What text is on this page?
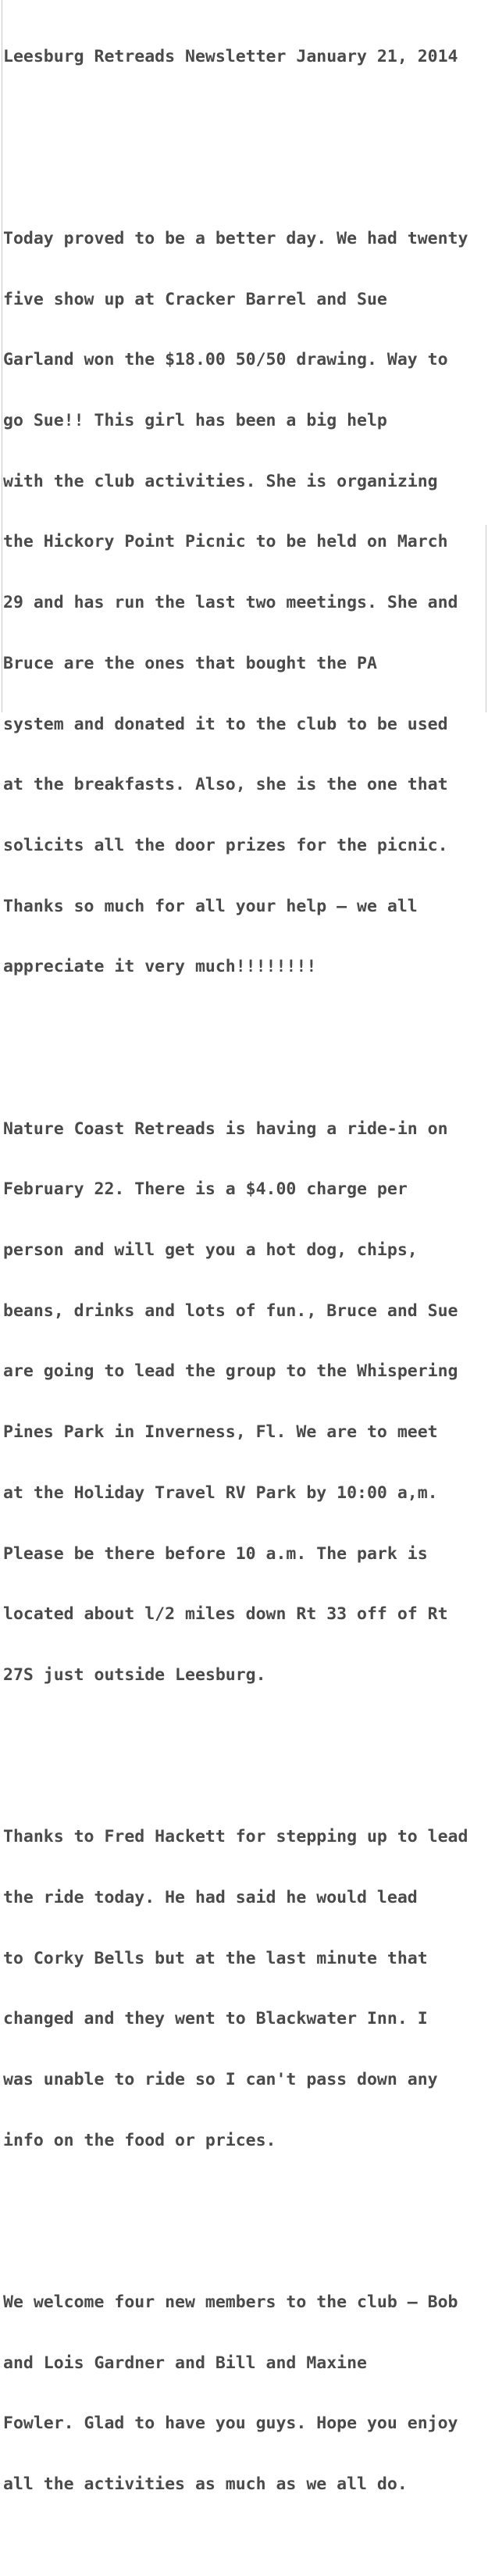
Leesburg Retreads Newsletter January 21, 2014

Today proved to be a better day. We had twenty

five show up at Cracker Barrel and Sue

Garland won the $18.00 50/50 drawing. Way to

go Sue!! This girl has been a big help

with the club activities. She is organizing

the Hickory Point Picnic to be held on March

29 and has run the last two meetings. She and

Bruce are the ones that bought the PA

system and donated it to the club to be used

at the breakfasts. Also, she is the one that

solicits all the door prizes for the picnic.

Thanks so much for all your help – we all

appreciate it very much!!!!!!!!

Nature Coast Retreads is having a ride-in on

February 22. There is a $4.00 charge per

person and will get you a hot dog, chips,

beans, drinks and lots of fun., Bruce and Sue

are going to lead the group to the Whispering

Pines Park in Inverness, Fl. We are to meet

at the Holiday Travel RV Park by 10:00 a,m.

Please be there before 10 a.m. The park is

located about l/2 miles down Rt 33 off of Rt

27S just outside Leesburg.

Thanks to Fred Hackett for stepping up to lead

the ride today. He had said he would lead

to Corky Bells but at the last minute that

changed and they went to Blackwater Inn. I

was unable to ride so I can't pass down any

info on the food or prices.

We welcome four new members to the club – Bob

and Lois Gardner and Bill and Maxine

Fowler. Glad to have you guys. Hope you enjoy

all the activities as much as we all do.
